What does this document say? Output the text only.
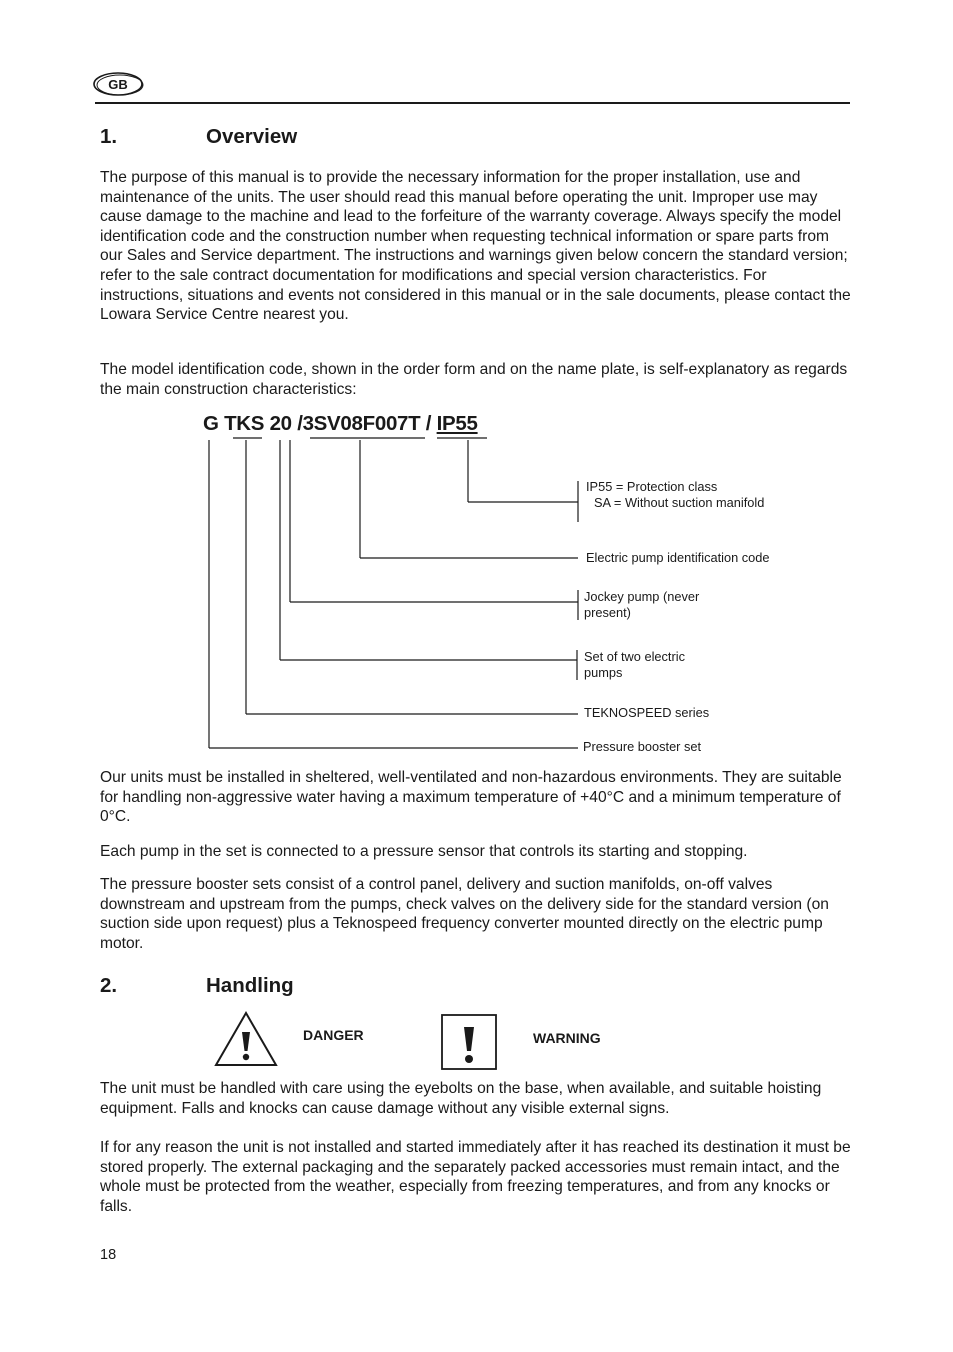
GB
1.	Overview

The purpose of this manual is to provide the necessary information for the proper installation, use and maintenance of the units. The user should read this manual before operating the unit. Improper use may cause damage to the machine and lead to the forfeiture of the warranty coverage. Always specify the model identification code and the construction number when requesting technical information or spare parts from our Sales and Service department. The instructions and warnings given below concern the standard version; refer to the sale contract documentation for modifications and special version characteristics. For instructions, situations and events not considered in this manual or in the sale documents, please contact the Lowara Service Centre nearest you.

The model identification code, shown in the order form and on the name plate, is self-explanatory as regards the main construction characteristics:

G TKS 20 /3SV08F007T / IP55
IP55 = Protection class
SA = Without suction manifold
Electric pump identification code
Jockey pump (never
present)
Set of two electric
pumps
TEKNOSPEED series
Pressure booster set

Our units must be installed in sheltered, well-ventilated and non-hazardous environments. They are suitable for handling non-aggressive water having a maximum temperature of +40°C and a minimum temperature of 0°C.

Each pump in the set is connected to a pressure sensor that controls its starting and stopping.

The pressure booster sets consist of a control panel, delivery and suction manifolds, on-off valves downstream and upstream from the pumps, check valves on the delivery side for the standard version (on suction side upon request) plus a Teknospeed frequency converter mounted directly on the electric pump motor.

2.	Handling
DANGER	WARNING

The unit must be handled with care using the eyebolts on the base, when available, and suitable hoisting equipment. Falls and knocks can cause damage without any visible external signs.

If for any reason the unit is not installed and started immediately after it has reached its destination it must be stored properly. The external packaging and the separately packed accessories must remain intact, and the whole must be protected from the weather, especially from freezing temperatures, and from any knocks or falls.

18
